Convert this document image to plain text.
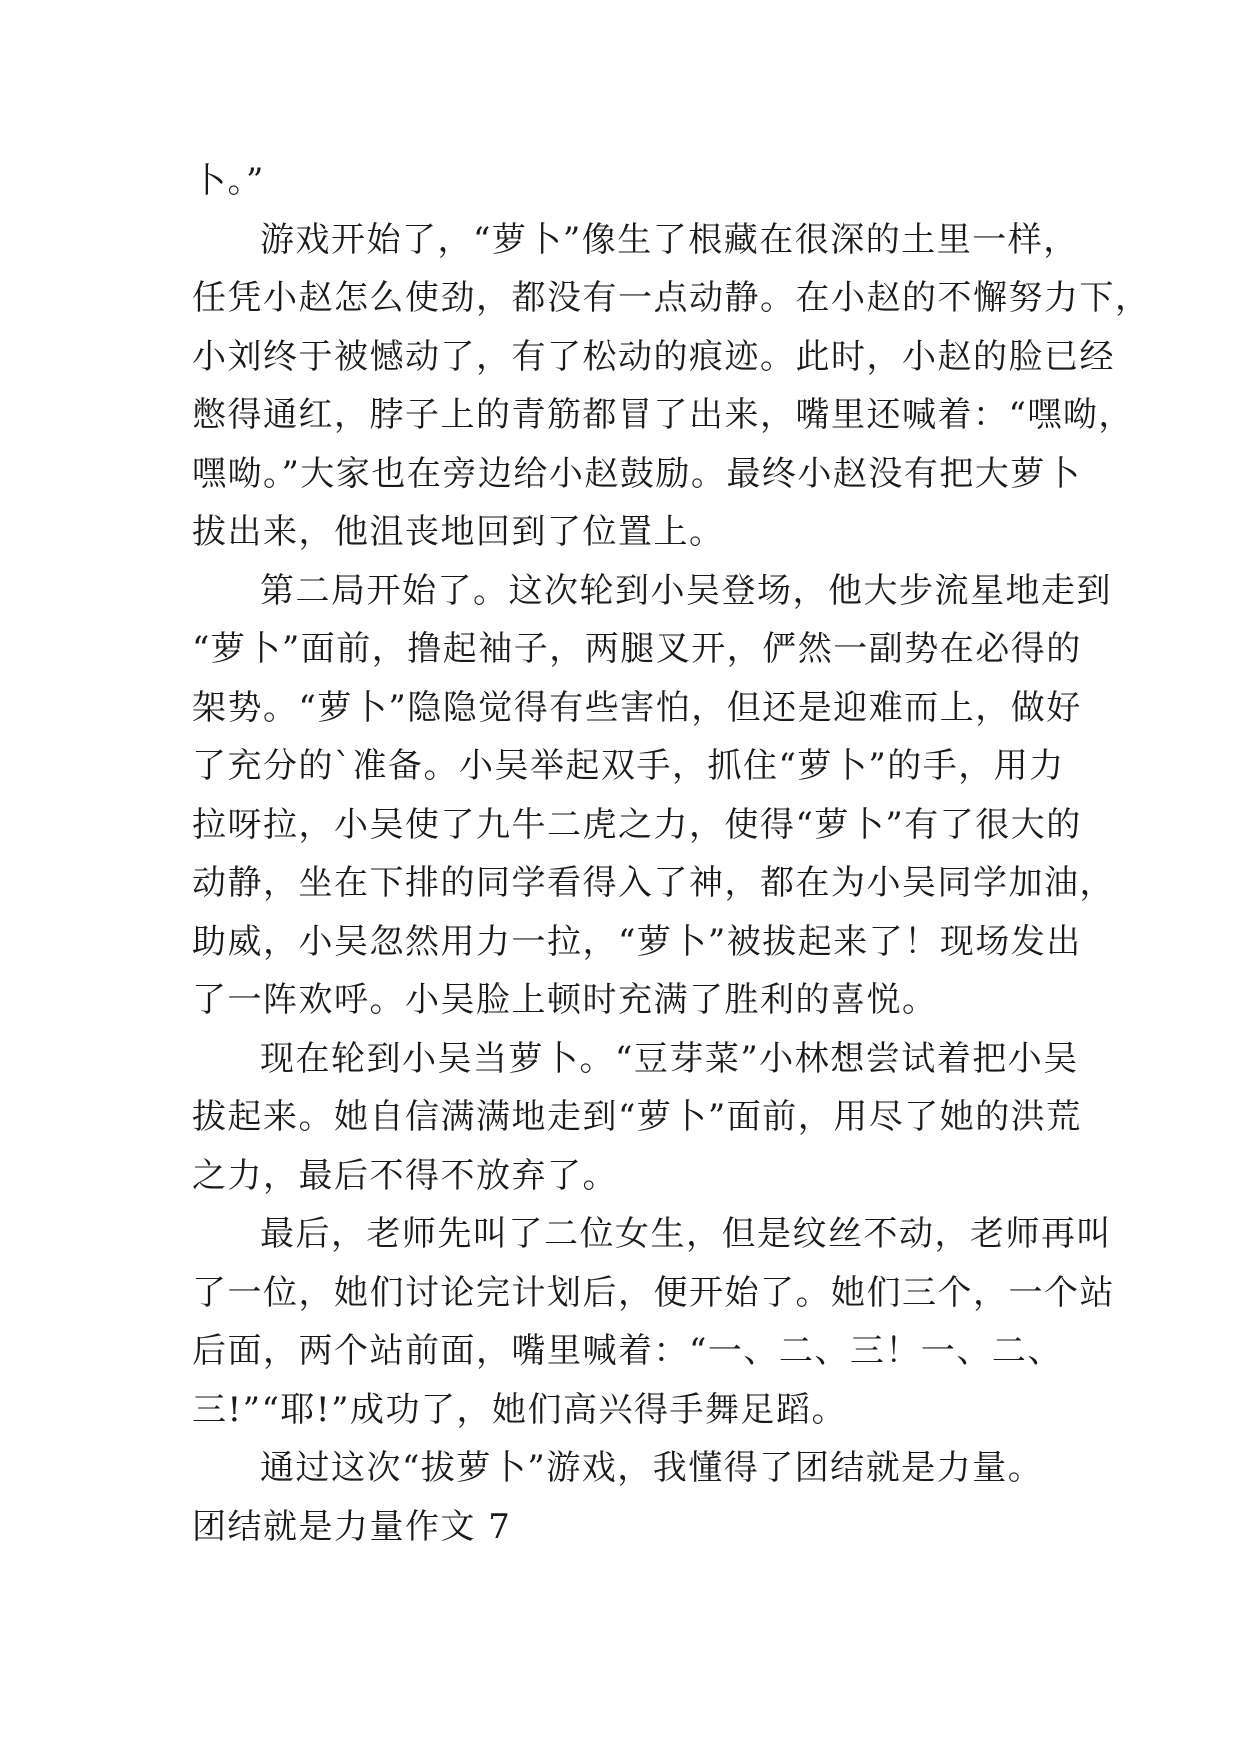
卜。”
游戏开始了，“萝卜”像生了根藏在很深的土里一样，
任凭小赵怎么使劲，都没有一点动静。在小赵的不懈努力下，
小刘终于被憾动了，有了松动的痕迹。此时，小赵的脸已经
憋得通红，脖子上的青筋都冒了出来，嘴里还喊着：“嘿呦，
嘿呦。”大家也在旁边给小赵鼓励。最终小赵没有把大萝卜
拔出来，他沮丧地回到了位置上。
第二局开始了。这次轮到小吴登场，他大步流星地走到
“萝卜”面前，撸起袖子，两腿叉开，俨然一副势在必得的
架势。“萝卜”隐隐觉得有些害怕，但还是迎难而上，做好
了充分的`准备。小吴举起双手，抓住“萝卜”的手，用力
拉呀拉，小吴使了九牛二虎之力，使得“萝卜”有了很大的
动静，坐在下排的同学看得入了神，都在为小吴同学加油，
助威，小吴忽然用力一拉，“萝卜”被拔起来了！现场发出
了一阵欢呼。小吴脸上顿时充满了胜利的喜悦。
现在轮到小吴当萝卜。“豆芽菜”小林想尝试着把小吴
拔起来。她自信满满地走到“萝卜”面前，用尽了她的洪荒
之力，最后不得不放弃了。
最后，老师先叫了二位女生，但是纹丝不动，老师再叫
了一位，她们讨论完计划后，便开始了。她们三个，一个站
后面，两个站前面，嘴里喊着：“一、二、三！一、二、
三!”“耶!”成功了，她们高兴得手舞足蹈。
通过这次“拔萝卜”游戏，我懂得了团结就是力量。
团结就是力量作文 7
